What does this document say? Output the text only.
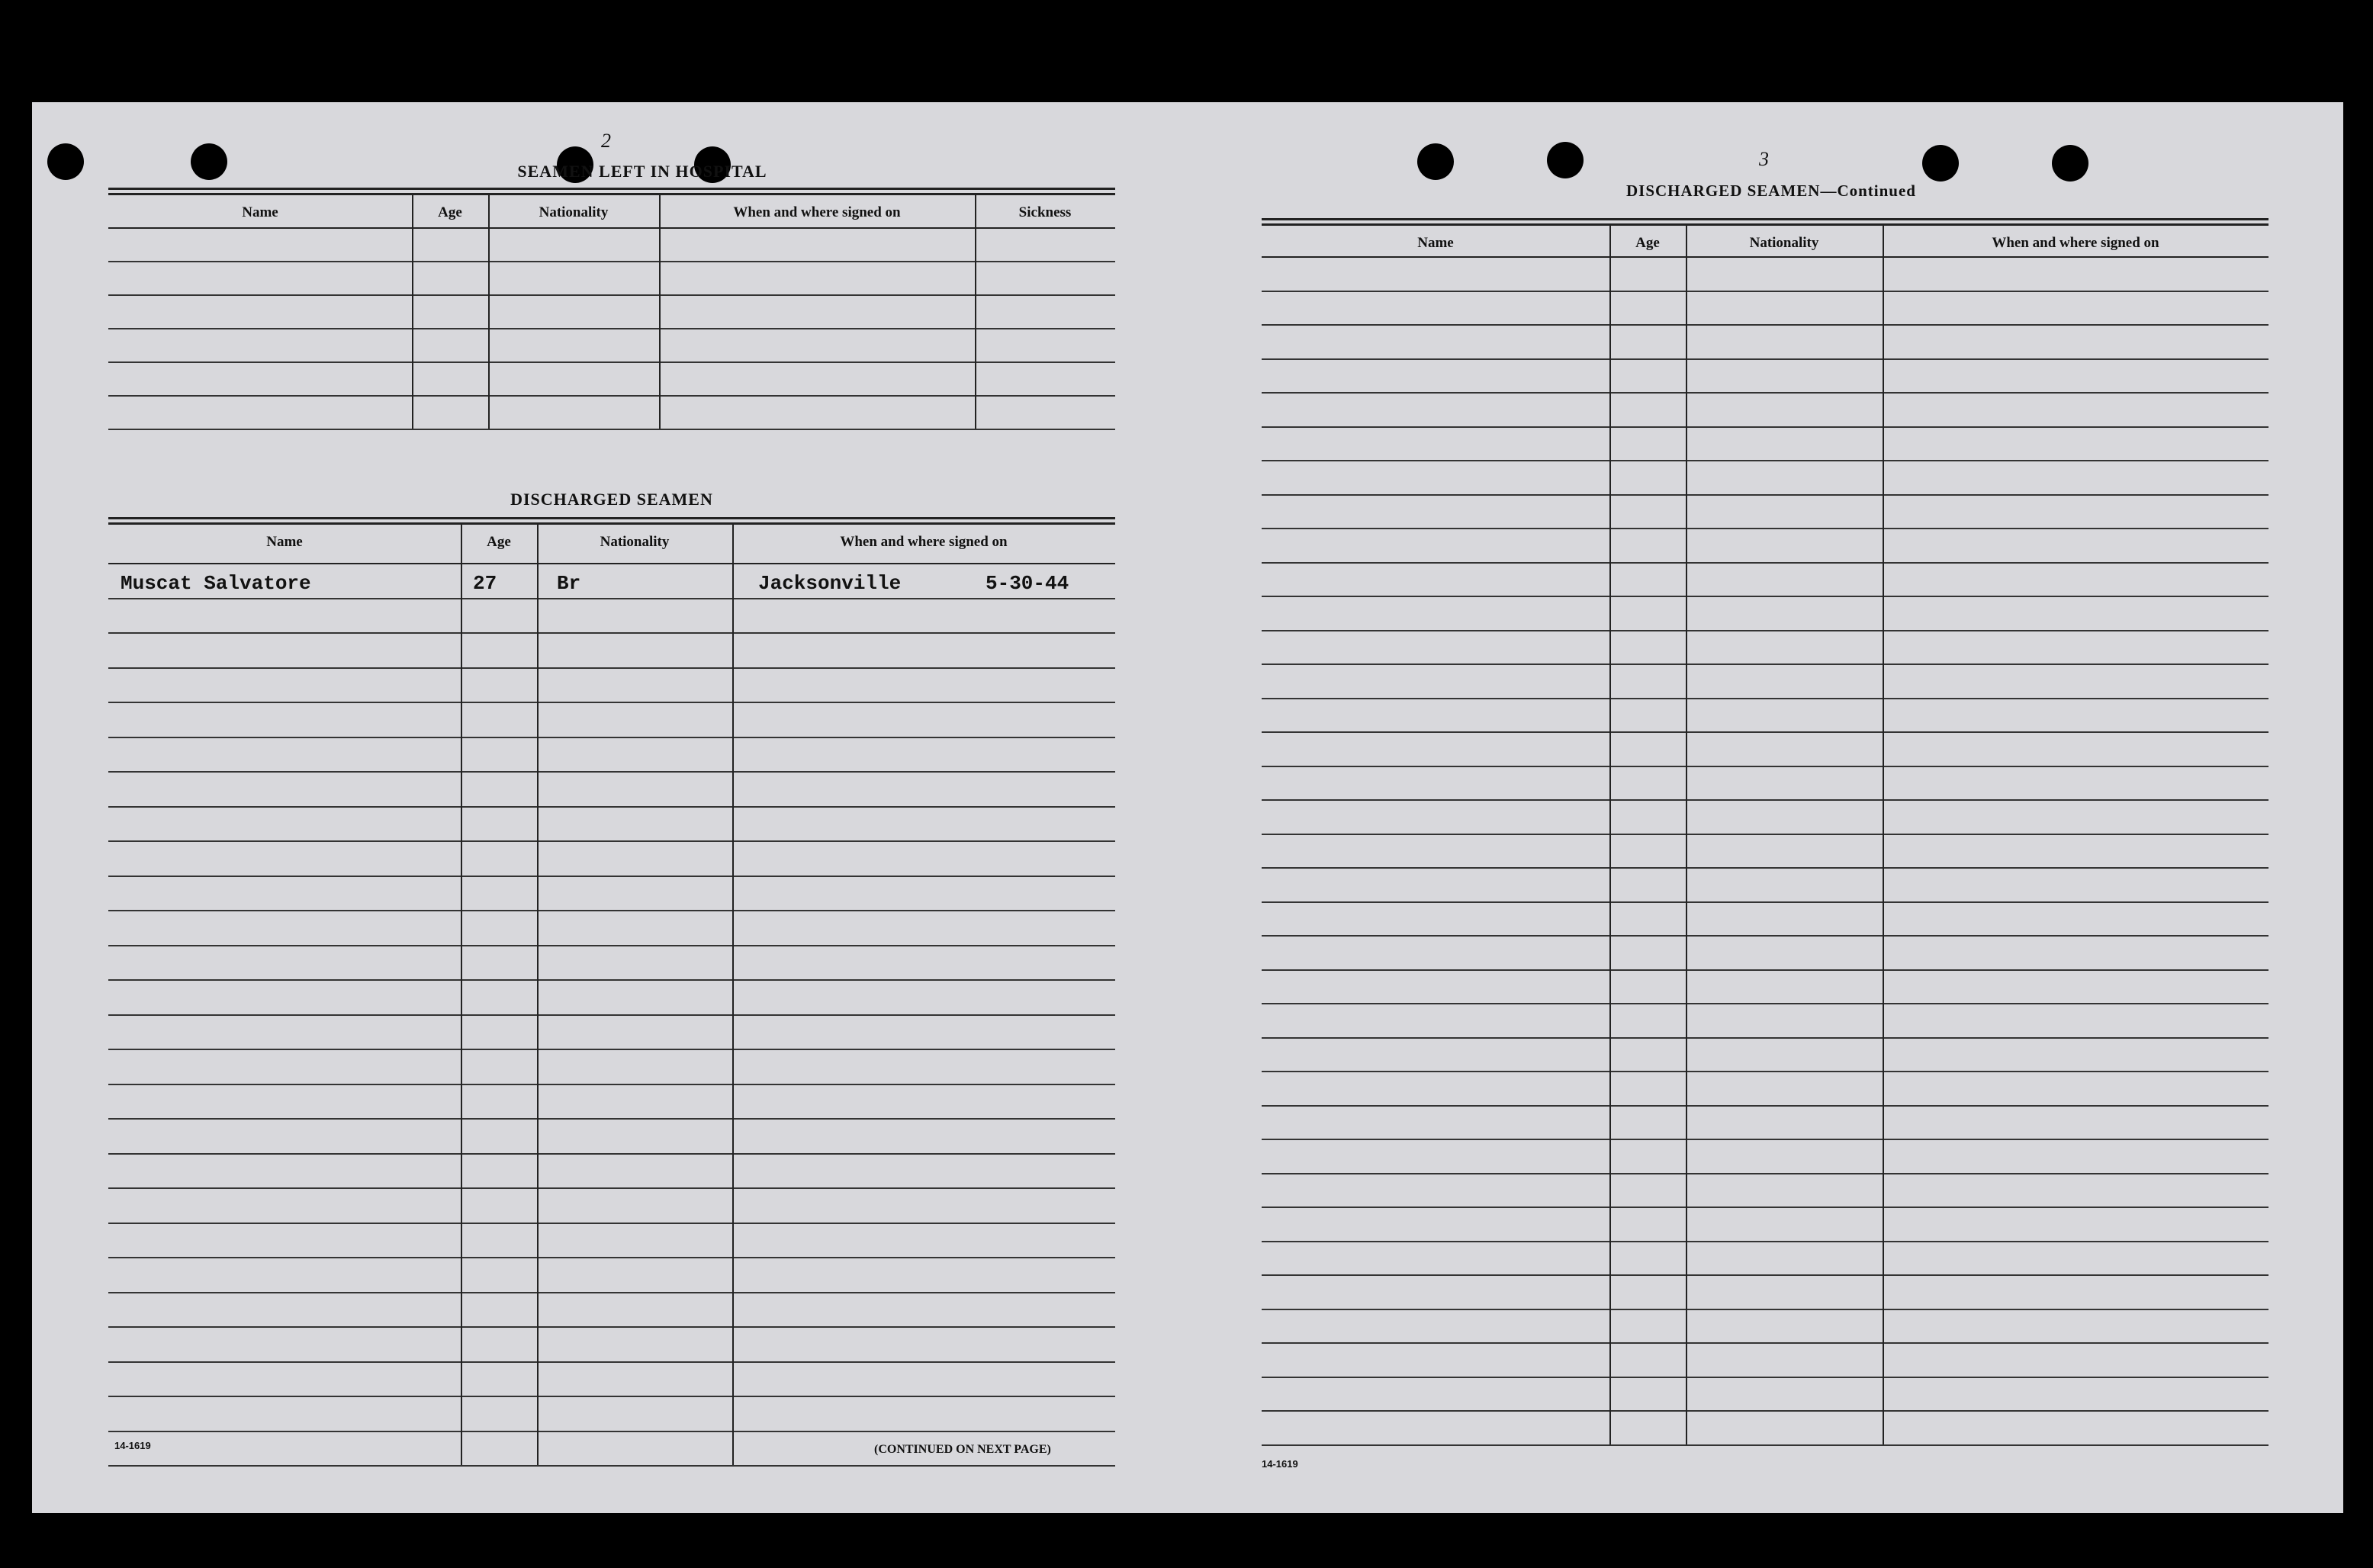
2
SEAMEN LEFT IN HOSPITAL
Name	Age	Nationality	When and where signed on	Sickness
DISCHARGED SEAMEN
Name	Age	Nationality	When and where signed on
Muscat Salvatore	27	Br	Jacksonville	5-30-44
14-1619	(CONTINUED ON NEXT PAGE)
3
DISCHARGED SEAMEN—Continued
Name	Age	Nationality	When and where signed on
14-1619
